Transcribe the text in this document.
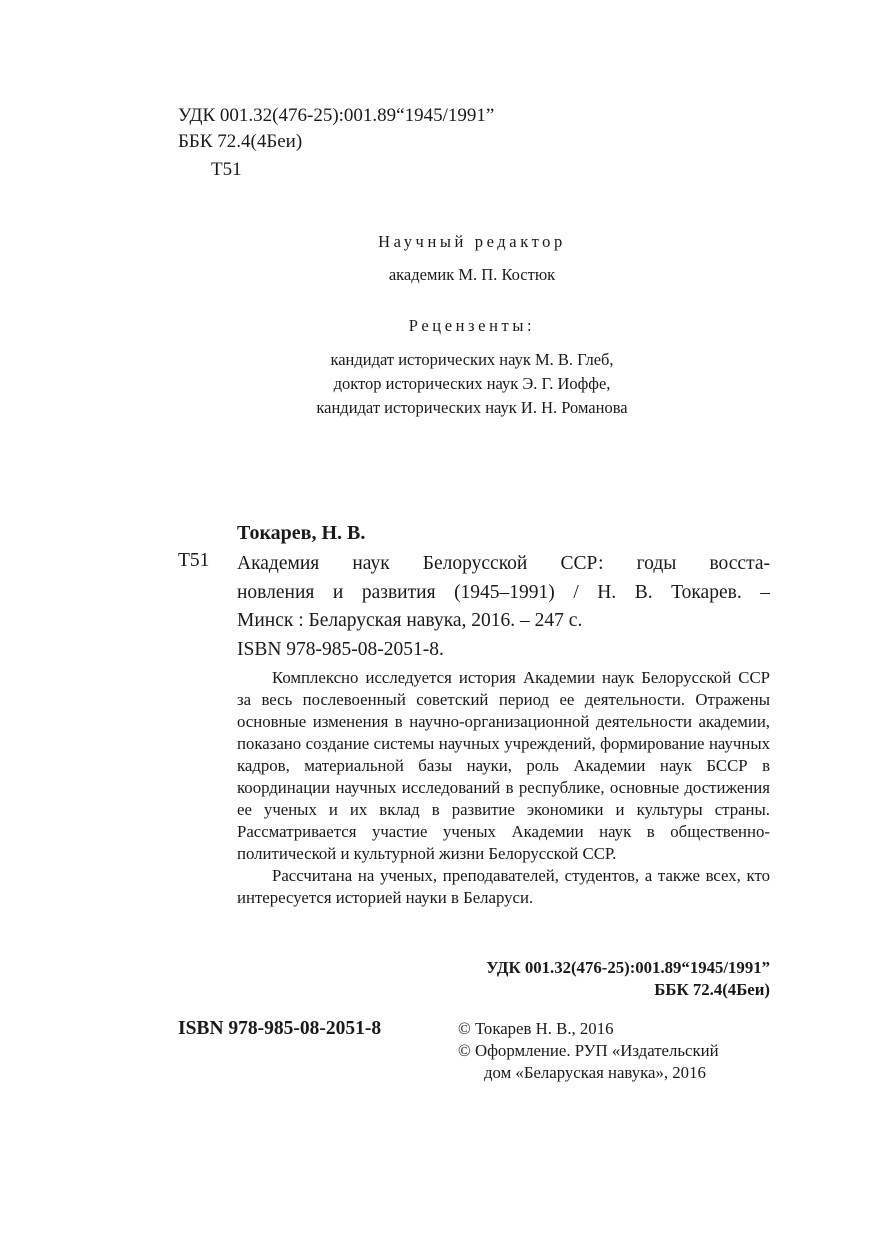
УДК 001.32(476-25):001.89“1945/1991”
ББК 72.4(4Беи)
Т51
Научный редактор
академик М. П. Костюк
Рецензенты:
кандидат исторических наук М. В. Глеб,
доктор исторических наук Э. Г. Иоффе,
кандидат исторических наук И. Н. Романова
Токарев, Н. В.
Т51 Академия наук Белорусской ССР: годы восста-
новления и развития (1945–1991) / Н. В. Токарев. –
Минск : Беларуская навука, 2016. – 247 с.
ISBN 978-985-08-2051-8.

Комплексно исследуется история Академии наук Белорусской ССР за весь послевоенный советский период ее деятельности. Отражены основные изменения в научно-организационной деятельности академии, показано создание системы научных учреждений, формирование научных кадров, материальной базы науки, роль Академии наук БССР в координации научных исследований в республике, основные достижения ее ученых и их вклад в развитие экономики и культуры страны. Рассматривается участие ученых Академии наук в общественно-политической и культурной жизни Белорусской ССР.

Рассчитана на ученых, преподавателей, студентов, а также всех, кто интересуется историей науки в Беларуси.

УДК 001.32(476-25):001.89“1945/1991”
ББК 72.4(4Беи)
ISBN 978-985-08-2051-8	© Токарев Н. В., 2016
© Оформление. РУП «Издательский
дом «Беларуская навука», 2016
